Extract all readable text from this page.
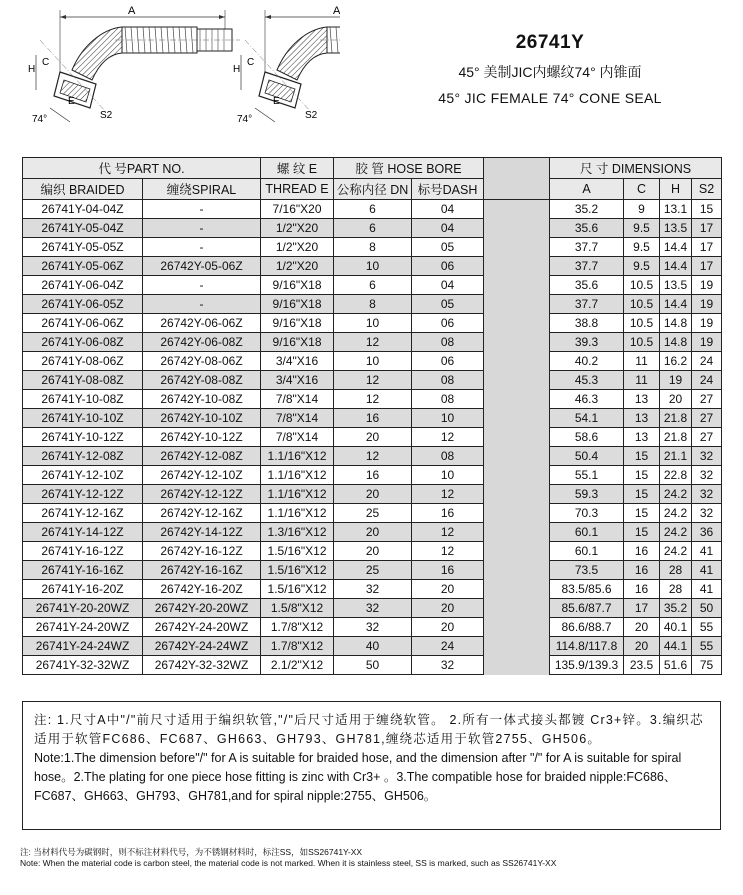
A
H
C
E
S2
74°
A
H
C
E
S2
74°
26741Y
45° 美制JIC内螺纹74° 内锥面
45° JIC FEMALE 74° CONE SEAL
代 号PART NO.		螺 纹 E	胶 管 HOSE BORE			尺 寸 DIMENSIONS			
编织 BRAIDED	缠绕SPIRAL	THREAD E	公称内径 DN	标号DASH		A	C	H	S2
26741Y-04-04Z	-	7/16"X20	6	04		35.2	9	13.1	15
26741Y-05-04Z	-	1/2"X20	6	04		35.6	9.5	13.5	17
26741Y-05-05Z	-	1/2"X20	8	05		37.7	9.5	14.4	17
26741Y-05-06Z	26742Y-05-06Z	1/2"X20	10	06		37.7	9.5	14.4	17
26741Y-06-04Z	-	9/16"X18	6	04		35.6	10.5	13.5	19
26741Y-06-05Z	-	9/16"X18	8	05		37.7	10.5	14.4	19
26741Y-06-06Z	26742Y-06-06Z	9/16"X18	10	06		38.8	10.5	14.8	19
26741Y-06-08Z	26742Y-06-08Z	9/16"X18	12	08		39.3	10.5	14.8	19
26741Y-08-06Z	26742Y-08-06Z	3/4"X16	10	06		40.2	11	16.2	24
26741Y-08-08Z	26742Y-08-08Z	3/4"X16	12	08		45.3	11	19	24
26741Y-10-08Z	26742Y-10-08Z	7/8"X14	12	08		46.3	13	20	27
26741Y-10-10Z	26742Y-10-10Z	7/8"X14	16	10		54.1	13	21.8	27
26741Y-10-12Z	26742Y-10-12Z	7/8"X14	20	12		58.6	13	21.8	27
26741Y-12-08Z	26742Y-12-08Z	1.1/16"X12	12	08		50.4	15	21.1	32
26741Y-12-10Z	26742Y-12-10Z	1.1/16"X12	16	10		55.1	15	22.8	32
26741Y-12-12Z	26742Y-12-12Z	1.1/16"X12	20	12		59.3	15	24.2	32
26741Y-12-16Z	26742Y-12-16Z	1.1/16"X12	25	16		70.3	15	24.2	32
26741Y-14-12Z	26742Y-14-12Z	1.3/16"X12	20	12		60.1	15	24.2	36
26741Y-16-12Z	26742Y-16-12Z	1.5/16"X12	20	12		60.1	16	24.2	41
26741Y-16-16Z	26742Y-16-16Z	1.5/16"X12	25	16		73.5	16	28	41
26741Y-16-20Z	26742Y-16-20Z	1.5/16"X12	32	20		83.5/85.6	16	28	41
26741Y-20-20WZ	26742Y-20-20WZ	1.5/8"X12	32	20		85.6/87.7	17	35.2	50
26741Y-24-20WZ	26742Y-24-20WZ	1.7/8"X12	32	20		86.6/88.7	20	40.1	55
26741Y-24-24WZ	26742Y-24-24WZ	1.7/8"X12	40	24		114.8/117.8	20	44.1	55
26741Y-32-32WZ	26742Y-32-32WZ	2.1/2"X12	50	32		135.9/139.3	23.5	51.6	75

注: 1.尺寸A中"/"前尺寸适用于编织软管,"/"后尺寸适用于缠绕软管。 2.所有一体式接头都镀 Cr3+锌。3.编织芯适用于软管FC686、FC687、GH663、GH793、GH781,缠绕芯适用于软管2755、GH506。

Note:1.The dimension before"/" for A is suitable for braided hose, and the dimension after "/" for A is suitable for spiral hose。2.The plating for one piece hose fitting is zinc with Cr3+ 。3.The compatible hose for braided nipple:FC686、FC687、GH663、GH793、GH781,and for spiral nipple:2755、GH506。

注: 当材料代号为碳钢时，则不标注材料代号，为不锈钢材料时，标注SS，如SS26741Y-XX
Note: When the material code is carbon steel, the material code is not marked. When it is stainless steel, SS is marked, such as SS26741Y-XX
